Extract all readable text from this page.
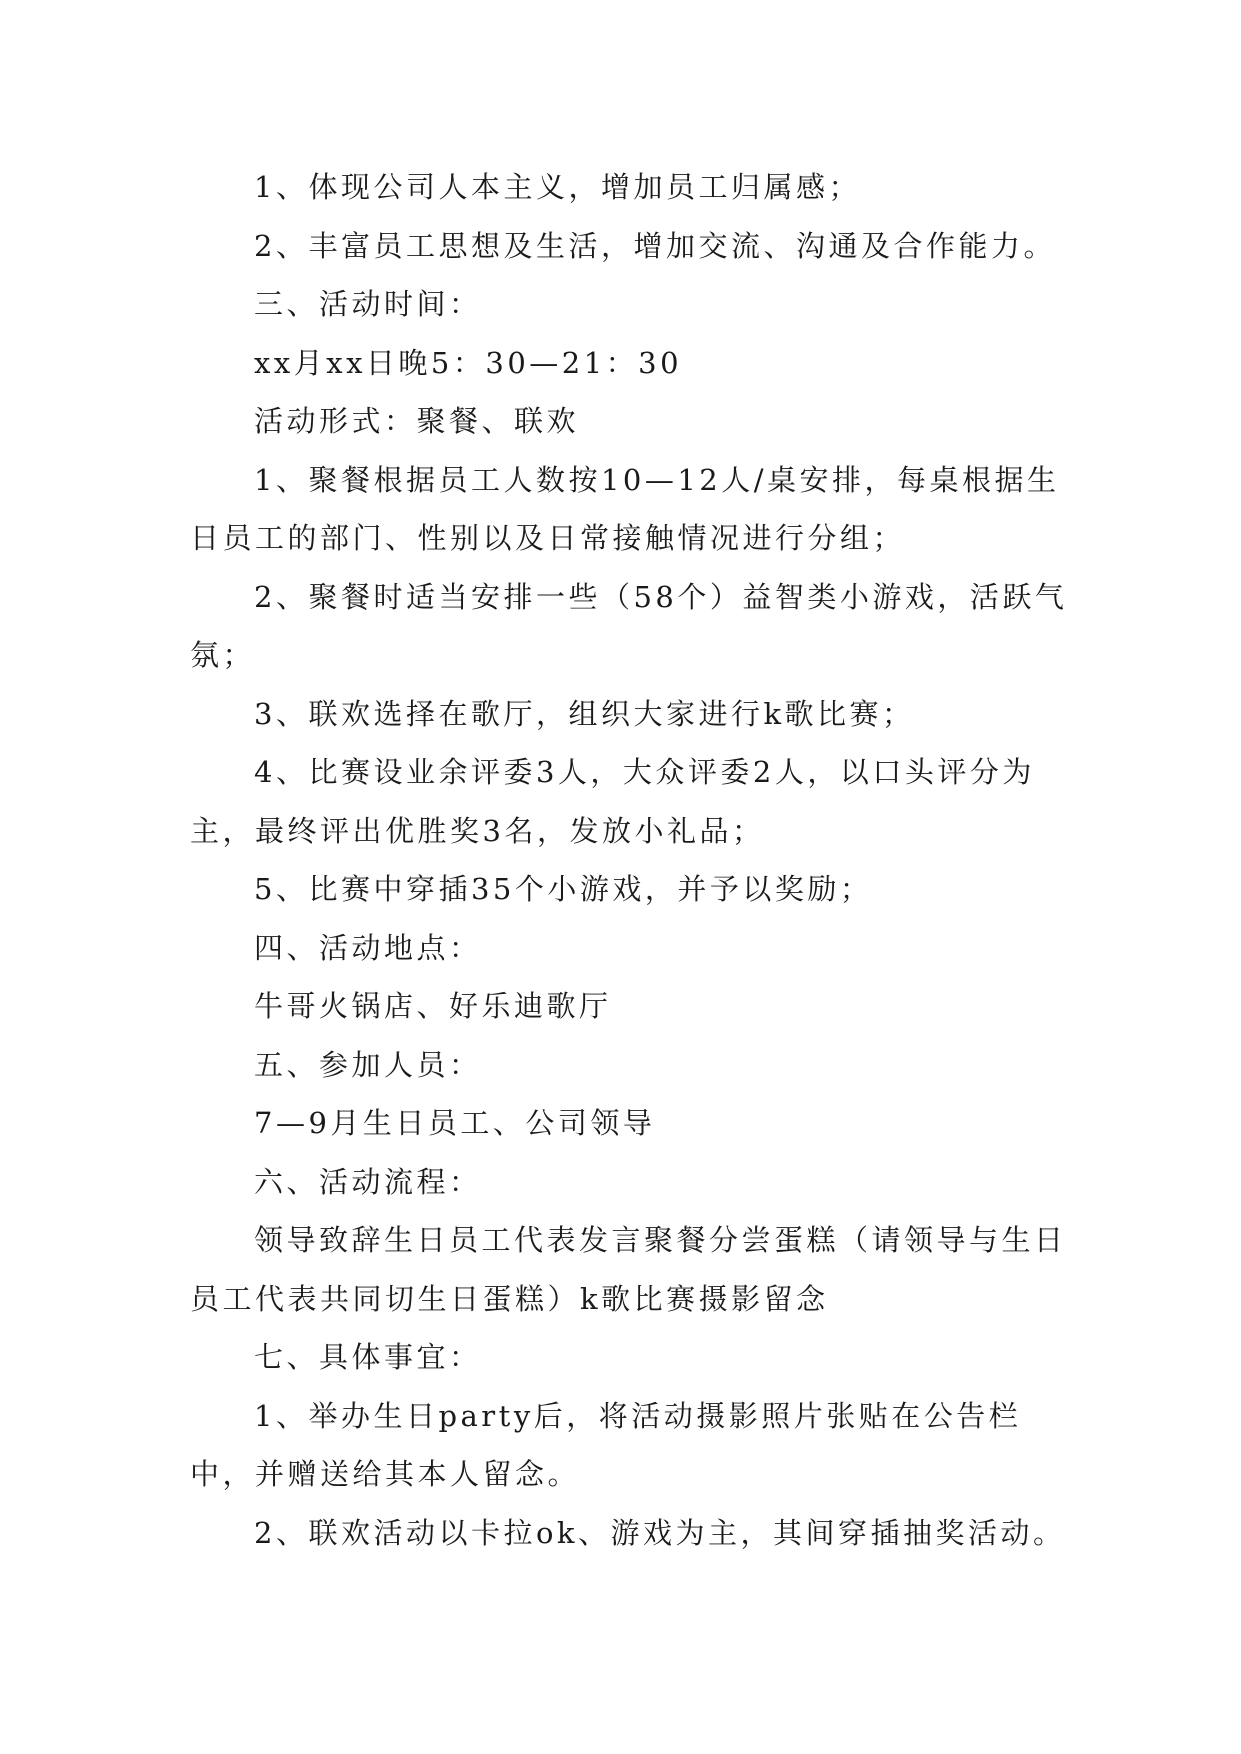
1、体现公司人本主义，增加员工归属感；

2、丰富员工思想及生活，增加交流、沟通及合作能力。

三、活动时间：

xx月xx日晚5：30—21：30

活动形式：聚餐、联欢

1、聚餐根据员工人数按10—12人/桌安排，每桌根据生日员工的部门、性别以及日常接触情况进行分组；

2、聚餐时适当安排一些（58个）益智类小游戏，活跃气氛；

3、联欢选择在歌厅，组织大家进行k歌比赛；

4、比赛设业余评委3人，大众评委2人，以口头评分为主，最终评出优胜奖3名，发放小礼品；

5、比赛中穿插35个小游戏，并予以奖励；

四、活动地点：

牛哥火锅店、好乐迪歌厅

五、参加人员：

7—9月生日员工、公司领导

六、活动流程：

领导致辞生日员工代表发言聚餐分尝蛋糕（请领导与生日员工代表共同切生日蛋糕）k歌比赛摄影留念

七、具体事宜：

1、举办生日party后，将活动摄影照片张贴在公告栏中，并赠送给其本人留念。

2、联欢活动以卡拉ok、游戏为主，其间穿插抽奖活动。
